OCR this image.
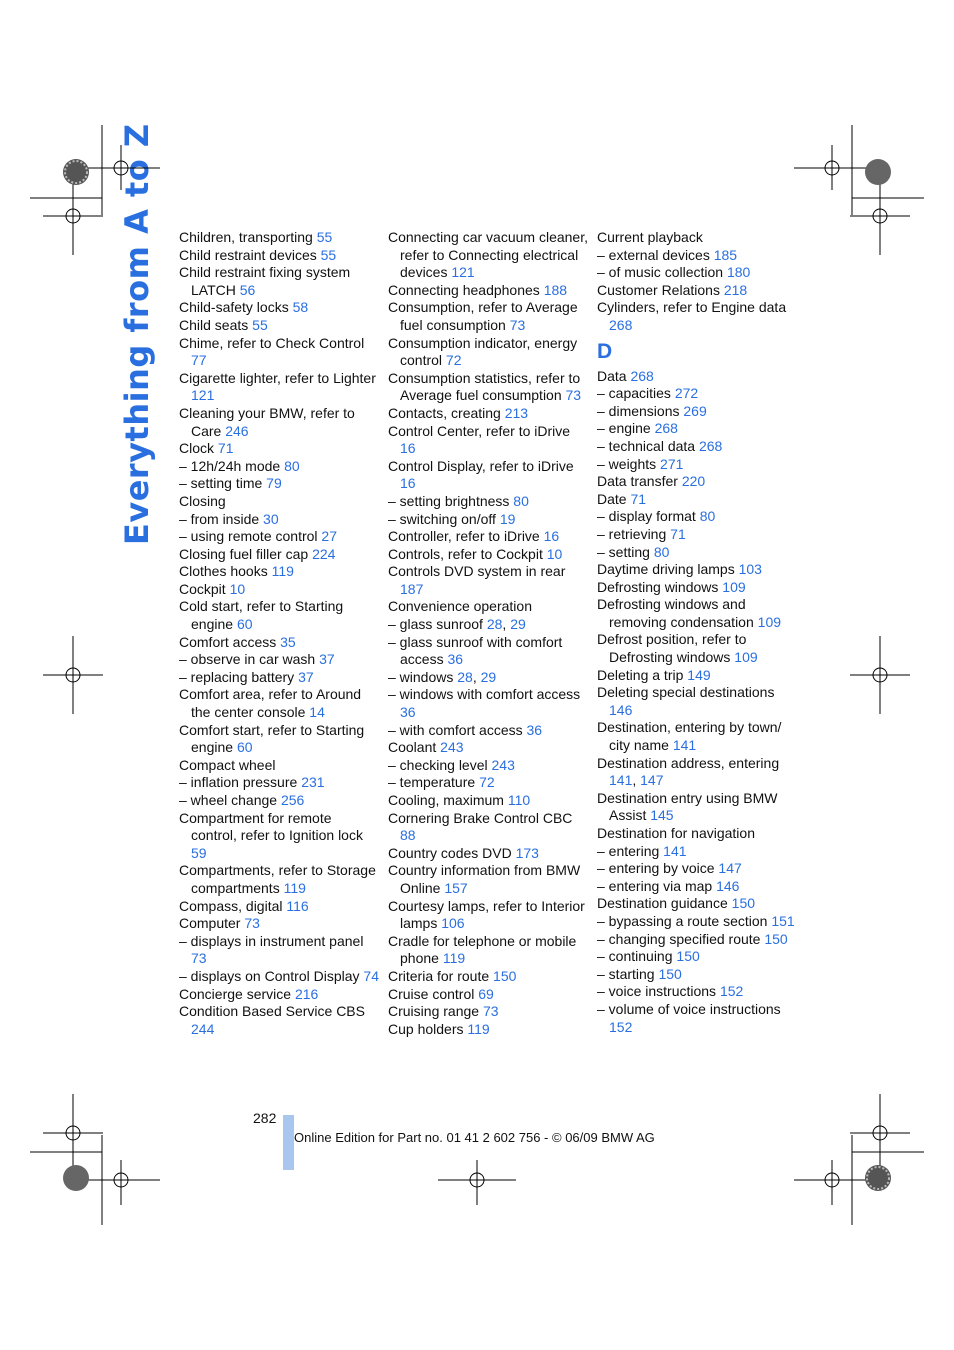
Everything from A to Z Children, transporting 55
Child restraint devices 55
Child restraint fixing system LATCH 56
Child-safety locks 58
Child seats 55
Chime, refer to Check Control 77
Cigarette lighter, refer to Lighter 121
Cleaning your BMW, refer to Care 246
Clock 71
– 12h/24h mode 80
– setting time 79
Closing
– from inside 30
– using remote control 27
Closing fuel filler cap 224
Clothes hooks 119
Cockpit 10
Cold start, refer to Starting engine 60
Comfort access 35
– observe in car wash 37
– replacing battery 37
Comfort area, refer to Around the center console 14
Comfort start, refer to Starting engine 60
Compact wheel
– inflation pressure 231
– wheel change 256
Compartment for remote control, refer to Ignition lock 59
Compartments, refer to Storage compartments 119
Compass, digital 116
Computer 73
– displays in instrument panel 73
– displays on Control Display 74
Concierge service 216
Condition Based Service CBS 244
Connecting car vacuum cleaner, refer to Connecting electrical devices 121
Connecting headphones 188
Consumption, refer to Average fuel consumption 73
Consumption indicator, energy control 72
Consumption statistics, refer to Average fuel consumption 73
Contacts, creating 213
Control Center, refer to iDrive 16
Control Display, refer to iDrive 16
– setting brightness 80
– switching on/off 19
Controller, refer to iDrive 16
Controls, refer to Cockpit 10
Controls DVD system in rear 187
Convenience operation
– glass sunroof 28, 29
– glass sunroof with comfort access 36
– windows 28, 29
– windows with comfort access 36
– with comfort access 36
Coolant 243
– checking level 243
– temperature 72
Cooling, maximum 110
Cornering Brake Control CBC 88
Country codes DVD 173
Country information from BMW Online 157
Courtesy lamps, refer to Interior lamps 106
Cradle for telephone or mobile phone 119
Criteria for route 150
Cruise control 69
Cruising range 73
Cup holders 119
Current playback
– external devices 185
– of music collection 180
Customer Relations 218
Cylinders, refer to Engine data 268
D
Data 268
– capacities 272
– dimensions 269
– engine 268
– technical data 268
– weights 271
Data transfer 220
Date 71
– display format 80
– retrieving 71
– setting 80
Daytime driving lamps 103
Defrosting windows 109
Defrosting windows and removing condensation 109
Defrost position, refer to Defrosting windows 109
Deleting a trip 149
Deleting special destinations 146
Destination, entering by town/ city name 141
Destination address, entering 141, 147
Destination entry using BMW Assist 145
Destination for navigation
– entering 141
– entering by voice 147
– entering via map 146
Destination guidance 150
– bypassing a route section 151
– changing specified route 150
– continuing 150
– starting 150
– voice instructions 152
– volume of voice instructions 152
282
Online Edition for Part no. 01 41 2 602 756 - © 06/09 BMW AG
